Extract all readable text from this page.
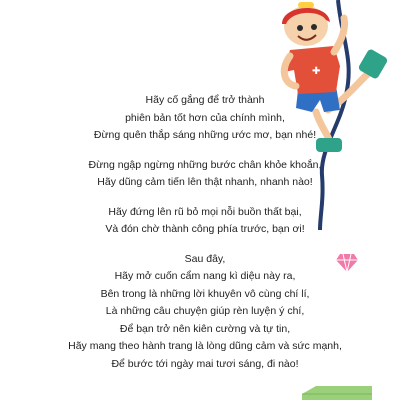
Hãy cố gắng để trở thành
phiên bản tốt hơn của chính mình,
Đừng quên thắp sáng những ước mơ, bạn nhé!
Đừng ngập ngừng những bước chân khỏe khoắn,
Hãy dũng cảm tiến lên thật nhanh, nhanh nào!
Hãy đứng lên rũ bỏ mọi nỗi buồn thất bại,
Và đón chờ thành công phía trước, bạn ơi!
Sau đây,
Hãy mở cuốn cẩm nang kì diệu này ra,
Bên trong là những lời khuyên vô cùng chí lí,
Là những câu chuyện giúp rèn luyện ý chí,
Để bạn trở nên kiên cường và tự tin,
Hãy mang theo hành trang là lòng dũng cảm và sức mạnh,
Để bước tới ngày mai tươi sáng, đi nào!
✚
